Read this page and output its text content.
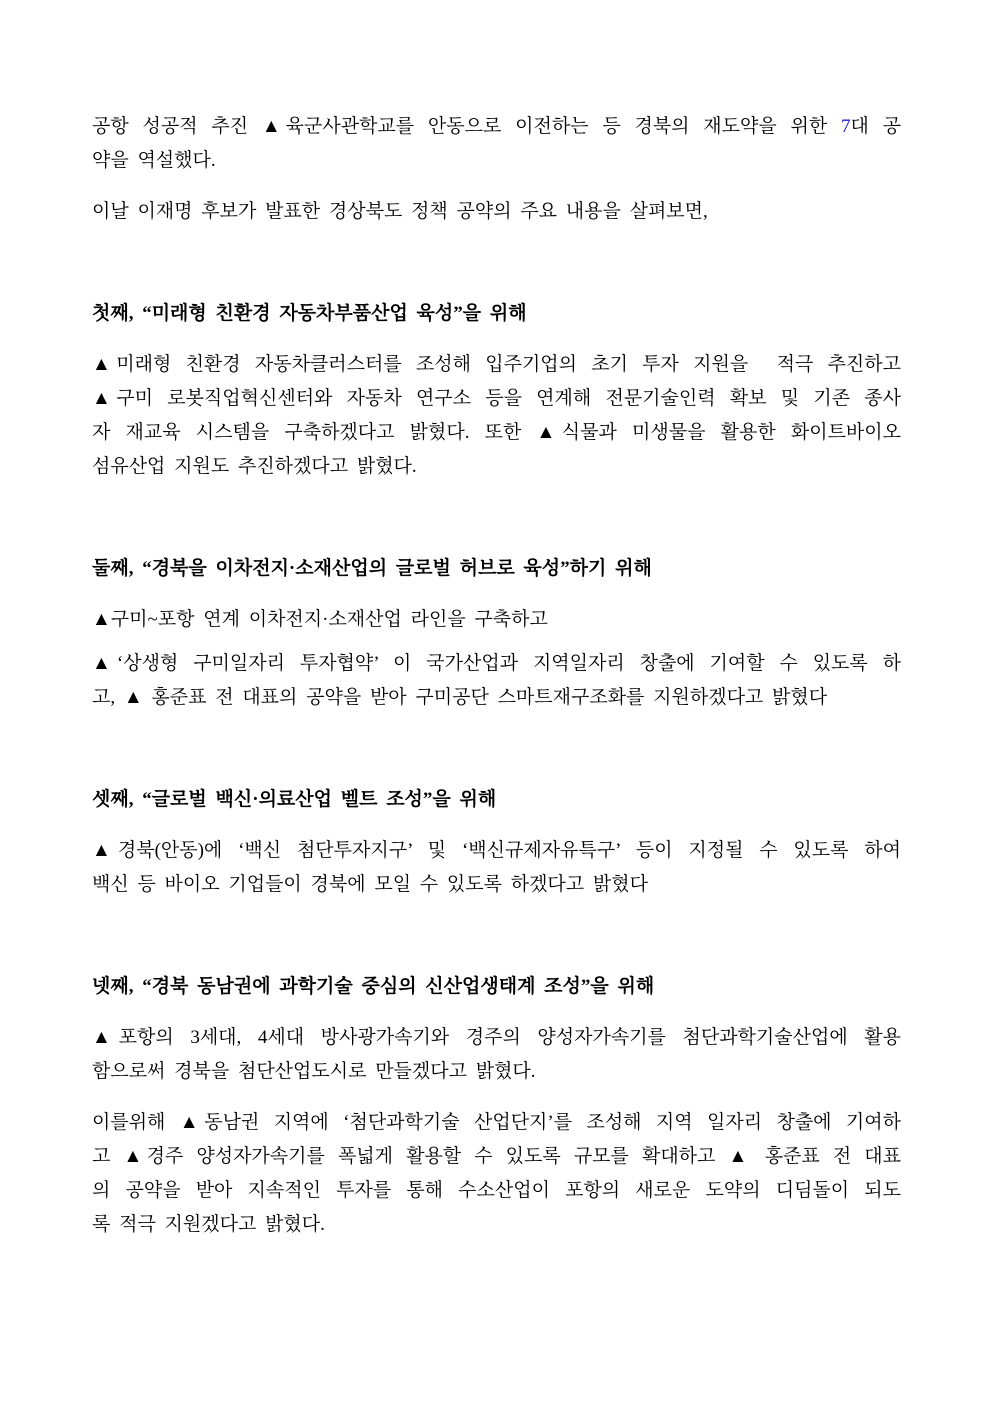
공항 성공적 추진 ▲육군사관학교를 안동으로 이전하는 등 경북의 재도약을 위한 7대 공
약을 역설했다.
이날 이재명 후보가 발표한 경상북도 정책 공약의 주요 내용을 살펴보면,
첫째, “미래형 친환경 자동차부품산업 육성”을 위해
▲미래형 친환경 자동차클러스터를 조성해 입주기업의 초기 투자 지원을  적극 추진하고
▲구미 로봇직업혁신센터와 자동차 연구소 등을 연계해 전문기술인력 확보 및 기존 종사
자 재교육 시스템을 구축하겠다고 밝혔다. 또한 ▲식물과 미생물을 활용한 화이트바이오
섬유산업 지원도 추진하겠다고 밝혔다.
둘째, “경북을 이차전지·소재산업의 글로벌 허브로 육성”하기 위해
▲구미~포항 연계 이차전지·소재산업 라인을 구축하고
▲‘상생형 구미일자리 투자협약’ 이 국가산업과 지역일자리 창출에 기여할 수 있도록 하
고, ▲ 홍준표 전 대표의 공약을 받아 구미공단 스마트재구조화를 지원하겠다고 밝혔다
셋째, “글로벌 백신·의료산업 벨트 조성”을 위해
▲경북(안동)에 ‘백신 첨단투자지구’ 및 ‘백신규제자유특구’ 등이 지정될 수 있도록 하여
백신 등 바이오 기업들이 경북에 모일 수 있도록 하겠다고 밝혔다
넷째, “경북 동남권에 과학기술 중심의 신산업생태계 조성”을 위해
▲포항의 3세대, 4세대 방사광가속기와 경주의 양성자가속기를 첨단과학기술산업에 활용
함으로써 경북을 첨단산업도시로 만들겠다고 밝혔다.
이를위해 ▲동남권 지역에 ‘첨단과학기술 산업단지’를 조성해 지역 일자리 창출에 기여하
고 ▲경주 양성자가속기를 폭넓게 활용할 수 있도록 규모를 확대하고 ▲ 홍준표 전 대표
의 공약을 받아 지속적인 투자를 통해 수소산업이 포항의 새로운 도약의 디딤돌이 되도
록 적극 지원겠다고 밝혔다.
